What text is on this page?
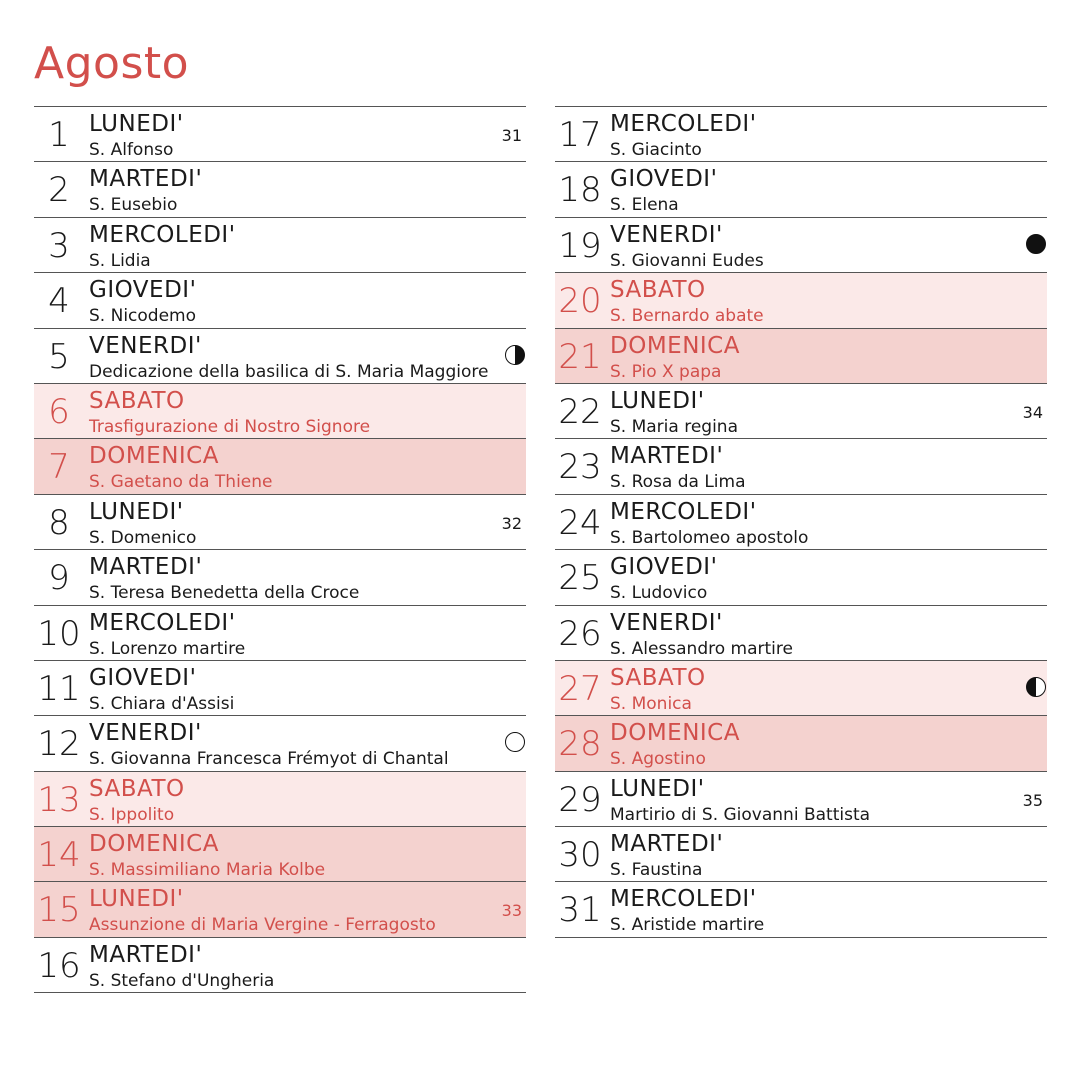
Agosto
1 LUNEDI'
S. Alfonso
31
2 MARTEDI'
S. Eusebio
3 MERCOLEDI'
S. Lidia
4 GIOVEDI'
S. Nicodemo
5 VENERDI'
Dedicazione della basilica di S. Maria Maggiore
6 SABATO
Trasfigurazione di Nostro Signore
7 DOMENICA
S. Gaetano da Thiene
8 LUNEDI'
S. Domenico
32
9 MARTEDI'
S. Teresa Benedetta della Croce
10 MERCOLEDI'
S. Lorenzo martire
11 GIOVEDI'
S. Chiara d'Assisi
12 VENERDI'
S. Giovanna Francesca Frémyot di Chantal
13 SABATO
S. Ippolito
14 DOMENICA
S. Massimiliano Maria Kolbe
15 LUNEDI'
Assunzione di Maria Vergine - Ferragosto
33
16 MARTEDI'
S. Stefano d'Ungheria
17 MERCOLEDI'
S. Giacinto
18 GIOVEDI'
S. Elena
19 VENERDI'
S. Giovanni Eudes
20 SABATO
S. Bernardo abate
21 DOMENICA
S. Pio X papa
22 LUNEDI'
S. Maria regina
34
23 MARTEDI'
S. Rosa da Lima
24 MERCOLEDI'
S. Bartolomeo apostolo
25 GIOVEDI'
S. Ludovico
26 VENERDI'
S. Alessandro martire
27 SABATO
S. Monica
28 DOMENICA
S. Agostino
29 LUNEDI'
Martirio di S. Giovanni Battista
35
30 MARTEDI'
S. Faustina
31 MERCOLEDI'
S. Aristide martire
